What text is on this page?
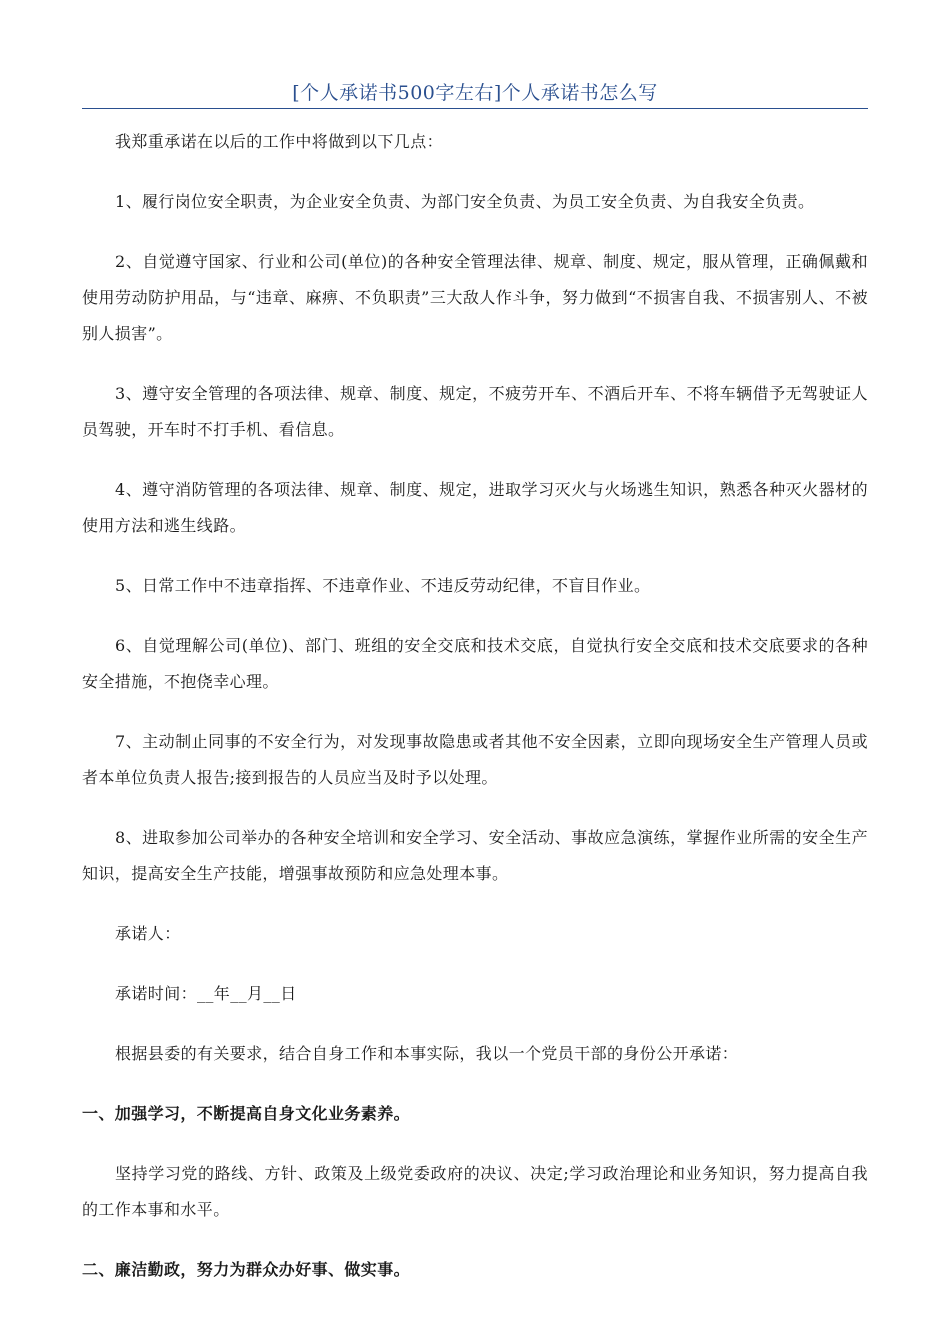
[个人承诺书500字左右]个人承诺书怎么写

我郑重承诺在以后的工作中将做到以下几点：

1、履行岗位安全职责，为企业安全负责、为部门安全负责、为员工安全负责、为自我安全负责。

2、自觉遵守国家、行业和公司(单位)的各种安全管理法律、规章、制度、规定，服从管理，正确佩戴和使用劳动防护用品，与“违章、麻痹、不负职责”三大敌人作斗争，努力做到“不损害自我、不损害别人、不被别人损害”。

3、遵守安全管理的各项法律、规章、制度、规定，不疲劳开车、不酒后开车、不将车辆借予无驾驶证人员驾驶，开车时不打手机、看信息。

4、遵守消防管理的各项法律、规章、制度、规定，进取学习灭火与火场逃生知识，熟悉各种灭火器材的使用方法和逃生线路。

5、日常工作中不违章指挥、不违章作业、不违反劳动纪律，不盲目作业。

6、自觉理解公司(单位)、部门、班组的安全交底和技术交底，自觉执行安全交底和技术交底要求的各种安全措施，不抱侥幸心理。

7、主动制止同事的不安全行为，对发现事故隐患或者其他不安全因素，立即向现场安全生产管理人员或者本单位负责人报告;接到报告的人员应当及时予以处理。

8、进取参加公司举办的各种安全培训和安全学习、安全活动、事故应急演练，掌握作业所需的安全生产知识，提高安全生产技能，增强事故预防和应急处理本事。

承诺人：

承诺时间：__年__月__日

根据县委的有关要求，结合自身工作和本事实际，我以一个党员干部的身份公开承诺：

一、加强学习，不断提高自身文化业务素养。

坚持学习党的路线、方针、政策及上级党委政府的决议、决定;学习政治理论和业务知识，努力提高自我的工作本事和水平。

二、廉洁勤政，努力为群众办好事、做实事。
